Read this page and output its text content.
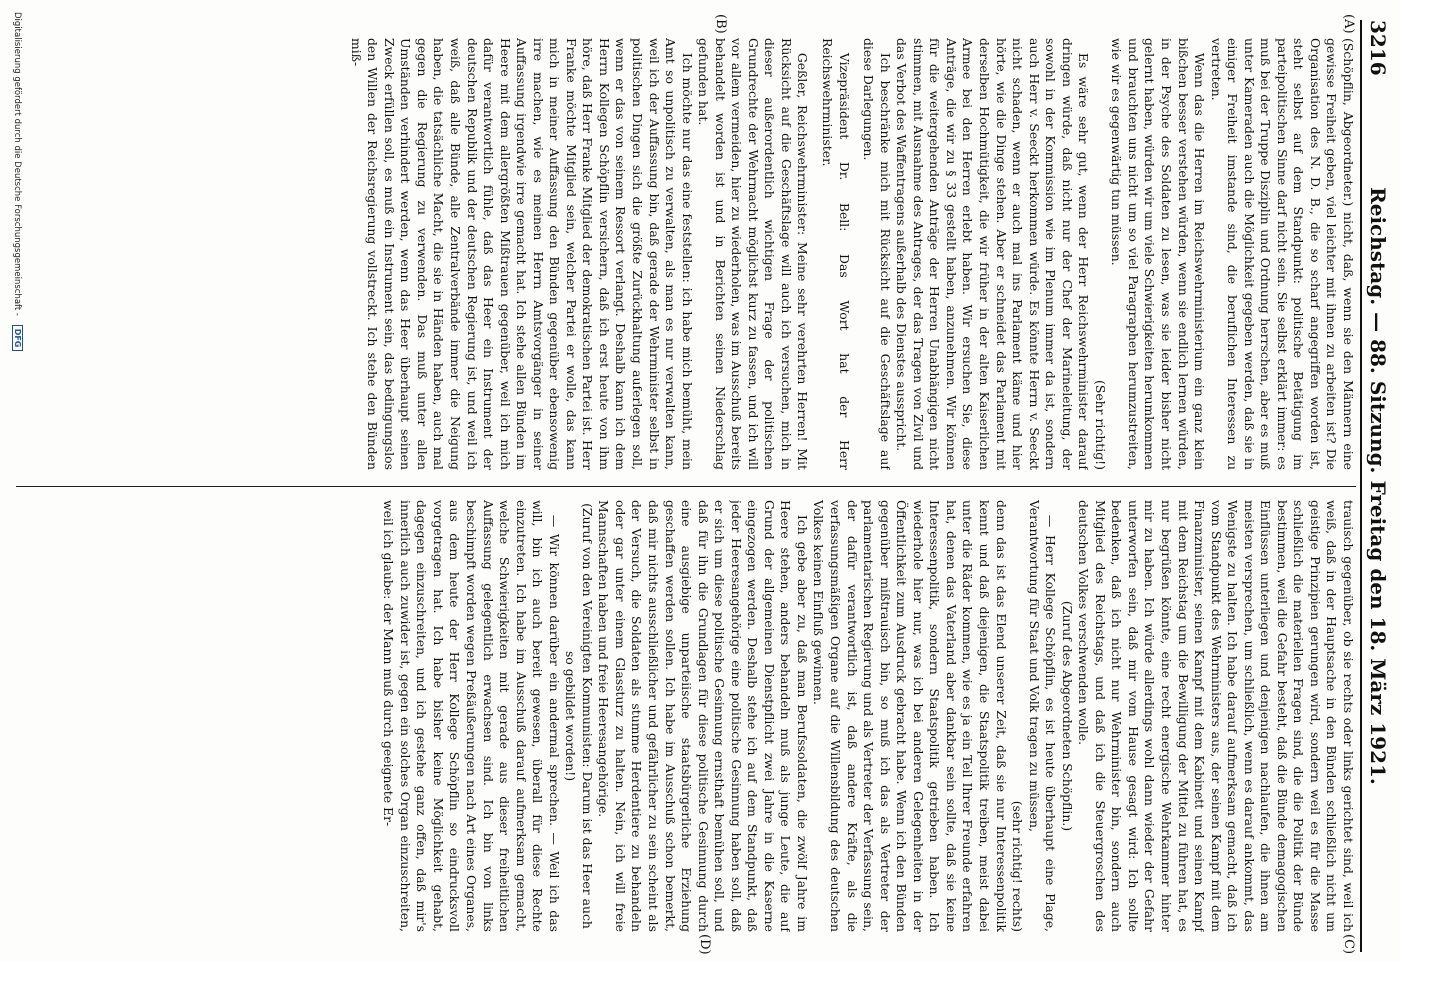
3216
Reichstag. — 88. Sitzung. Freitag den 18. März 1921.
(A)
(B)
(C)
(D)

(Schöpflin, Abgeordneter.) nicht, daß, wenn sie den Männern eine gewisse Freiheit geben, viel leichter mit ihnen zu arbeiten ist? Die Organisation des N. D. B., die so scharf angegriffen worden ist, steht selbst auf dem Standpunkt: politische Betätigung im parteipolitischen Sinne darf nicht sein. Sie selbst erklärt immer: es muß bei der Truppe Disziplin und Ordnung herrschen, aber es muß unter Kameraden auch die Möglichkeit gegeben werden, daß sie in einiger Freiheit imstande sind, die beruflichen Interessen zu vertreten.

Wenn das die Herren im Reichswehrministerium ein ganz klein bißchen besser verstehen würden, wenn sie endlich lernen würden, in der Psyche des Soldaten zu lesen, was sie leider bisher nicht gelernt haben, würden wir um viele Schwierigkeiten herumkommen und brauchten uns nicht um so viel Paragraphen herumzustreiten, wie wir es gegenwärtig tun müssen.

(Sehr richtig!)

Es wäre sehr gut, wenn der Herr Reichswehrminister darauf dringen würde, daß nicht nur der Chef der Marineleitung, der sowohl in der Kommission wie im Plenum immer da ist, sondern auch Herr v. Seeckt herkommen würde. Es könnte Herrn v. Seeckt nicht schaden, wenn er auch mal ins Parlament käme und hier hörte, wie die Dinge stehen. Aber er schneidet das Parlament mit derselben Hochmütigkeit, die wir früher in der alten Kaiserlichen Armee bei den Herren erlebt haben. Wir ersuchen Sie, diese Anträge, die wir zu § 33 gestellt haben, anzunehmen. Wir können für die weitergehenden Anträge der Herren Unabhängigen nicht stimmen, mit Ausnahme des Antrages, der das Tragen von Zivil und das Verbot des Waffentragens außerhalb des Dienstes ausspricht.

Ich beschränke mich mit Rücksicht auf die Geschäftslage auf diese Darlegungen.

Vizepräsident Dr. Bell: Das Wort hat der Herr Reichswehrminister.

Geßler, Reichswehrminister: Meine sehr verehrten Herren! Mit Rücksicht auf die Geschäftslage will auch ich versuchen, mich in dieser außerordentlich wichtigen Frage der politischen Grundrechte der Wehrmacht möglichst kurz zu fassen, und ich will vor allem vermeiden, hier zu wiederholen, was im Ausschuß bereits behandelt worden ist und in Berichten seinen Niederschlag gefunden hat.

Ich möchte nur das eine feststellen: ich habe mich bemüht, mein Amt so unpolitisch zu verwalten, als man es nur verwalten kann, weil ich der Auffassung bin, daß gerade der Wehrminister selbst in politischen Dingen sich die größte Zurückhaltung auferlegen soll, wenn er das von seinem Ressort verlangt. Deshalb kann ich dem Herrn Kollegen Schöpflin versichern, daß ich erst heute von ihm höre, daß Herr Franke Mitglied der demokratischen Partei ist. Herr Franke möchte Mitglied sein, welcher Partei er wolle, das kann mich in meiner Auffassung den Bünden gegenüber ebensowenig irre machen, wie es meinen Herrn Amtsvorgänger in seiner Auffassung irgendwie irre gemacht hat. Ich stehe allen Bünden im Heere mit dem allergrößten Mißtrauen gegenüber, weil ich mich dafür verantwortlich fühle, daß das Heer ein Instrument der deutschen Republik und der deutschen Regierung ist, und weil ich weiß, daß alle Bünde, alle Zentralverbände immer die Neigung haben, die tatsächliche Macht, die sie in Händen haben, auch mal gegen die Regierung zu verwenden. Das muß unter allen Umständen verhindert werden, wenn das Heer überhaupt seinen Zweck erfüllen soll, es muß ein Instrument sein, das bedingungslos den Willen der Reichsregierung vollstreckt. Ich stehe den Bünden miß-

trauisch gegenüber, ob sie rechts oder links gerichtet sind, weil ich weiß, daß in der Hauptsache in den Bünden schließlich nicht um geistige Prinzipien gerungen wird, sondern weil es für die Masse schließlich die materiellen Fragen sind, die die Politik der Bünde bestimmen, weil die Gefahr besteht, daß die Bünde demagogischen Einflüssen unterliegen und denjenigen nachlaufen, die ihnen am meisten versprechen, um schließlich, wenn es darauf ankommt, das Wenigste zu halten. Ich habe darauf aufmerksam gemacht, daß ich vom Standpunkt des Wehrministers aus, der seinen Kampf mit dem Finanzminister, seinen Kampf mit dem Kabinett und seinen Kampf mit dem Reichstag um die Bewilligung der Mittel zu führen hat, es nur begrüßen könnte, eine recht energische Wehrkammer hinter mir zu haben. Ich würde allerdings wohl dann wieder der Gefahr unterworfen sein, daß mir vom Hause gesagt wird: Ich sollte bedenken, daß ich nicht nur Wehrminister bin, sondern auch Mitglied des Reichstags, und daß ich die Steuergroschen des deutschen Volkes verschwenden wolle.

(Zuruf des Abgeordneten Schöpflin.)

— Herr Kollege Schöpflin, es ist heute überhaupt eine Plage, Verantwortung für Staat und Volk tragen zu müssen,

(sehr richtig! rechts)

denn das ist das Elend unserer Zeit, daß sie nur Interessenpolitik kennt und daß diejenigen, die Staatspolitik treiben, meist dabei unter die Räder kommen, wie es ja ein Teil Ihrer Freunde erfahren hat, denen das Vaterland aber dankbar sein sollte, daß sie keine Interessenpolitik, sondern Staatspolitik getrieben haben. Ich wiederhole hier nur, was ich bei anderen Gelegenheiten in der Öffentlichkeit zum Ausdruck gebracht habe. Wenn ich den Bünden gegenüber mißtrauisch bin, so muß ich das als Vertreter der parlamentarischen Regierung und als Vertreter der Verfassung sein, der dafür verantwortlich ist, daß andere Kräfte, als die verfassungsmäßigen Organe auf die Willensbildung des deutschen Volkes keinen Einfluß gewinnen.

Ich gebe aber zu, daß man Berufssoldaten, die zwölf Jahre im Heere stehen, anders behandeln muß als junge Leute, die auf Grund der allgemeinen Dienstpflicht zwei Jahre in die Kaserne eingezogen werden. Deshalb stehe ich auf dem Standpunkt, daß jeder Heeresangehörige eine politische Gesinnung haben soll, daß er sich um diese politische Gesinnung ernsthaft bemühen soll, und daß für ihn die Grundlagen für diese politische Gesinnung durch eine ausgiebige unparteiische staatsbürgerliche Erziehung geschaffen werden sollen. Ich habe im Ausschuß schon bemerkt, daß mir nichts ausschließlicher und gefährlicher zu sein scheint als der Versuch, die Soldaten als stumme Herdentiere zu behandeln oder gar unter einem Glassturz zu halten. Nein, ich will freie Mannschaften haben und freie Heeresangehörige.

(Zuruf von den Vereinigten Kommunisten: Darum ist das Heer auch so gebildet worden!)

— Wir können darüber ein andermal sprechen. — Weil ich das will, bin ich auch bereit gewesen, überall für diese Rechte einzutreten. Ich habe im Ausschuß darauf aufmerksam gemacht, welche Schwierigkeiten mit gerade aus dieser freiheitlichen Auffassung gelegentlich erwachsen sind. Ich bin von links beschimpft worden wegen Preßäußerungen nach Art eines Organes, aus dem heute der Herr Kollege Schöpflin so eindrucksvoll vorgetragen hat. Ich habe bisher keine Möglichkeit gehabt, dagegen einzuschreiten, und ich gestehe ganz offen, daß mir's innerlich auch zuwider ist, gegen ein solches Organ einzuschreiten, weil ich glaube: der Mann muß durch geeignete Er-

Digitalisierung gefördert durch die Deutsche Forschungsgemeinschaft - DFG
